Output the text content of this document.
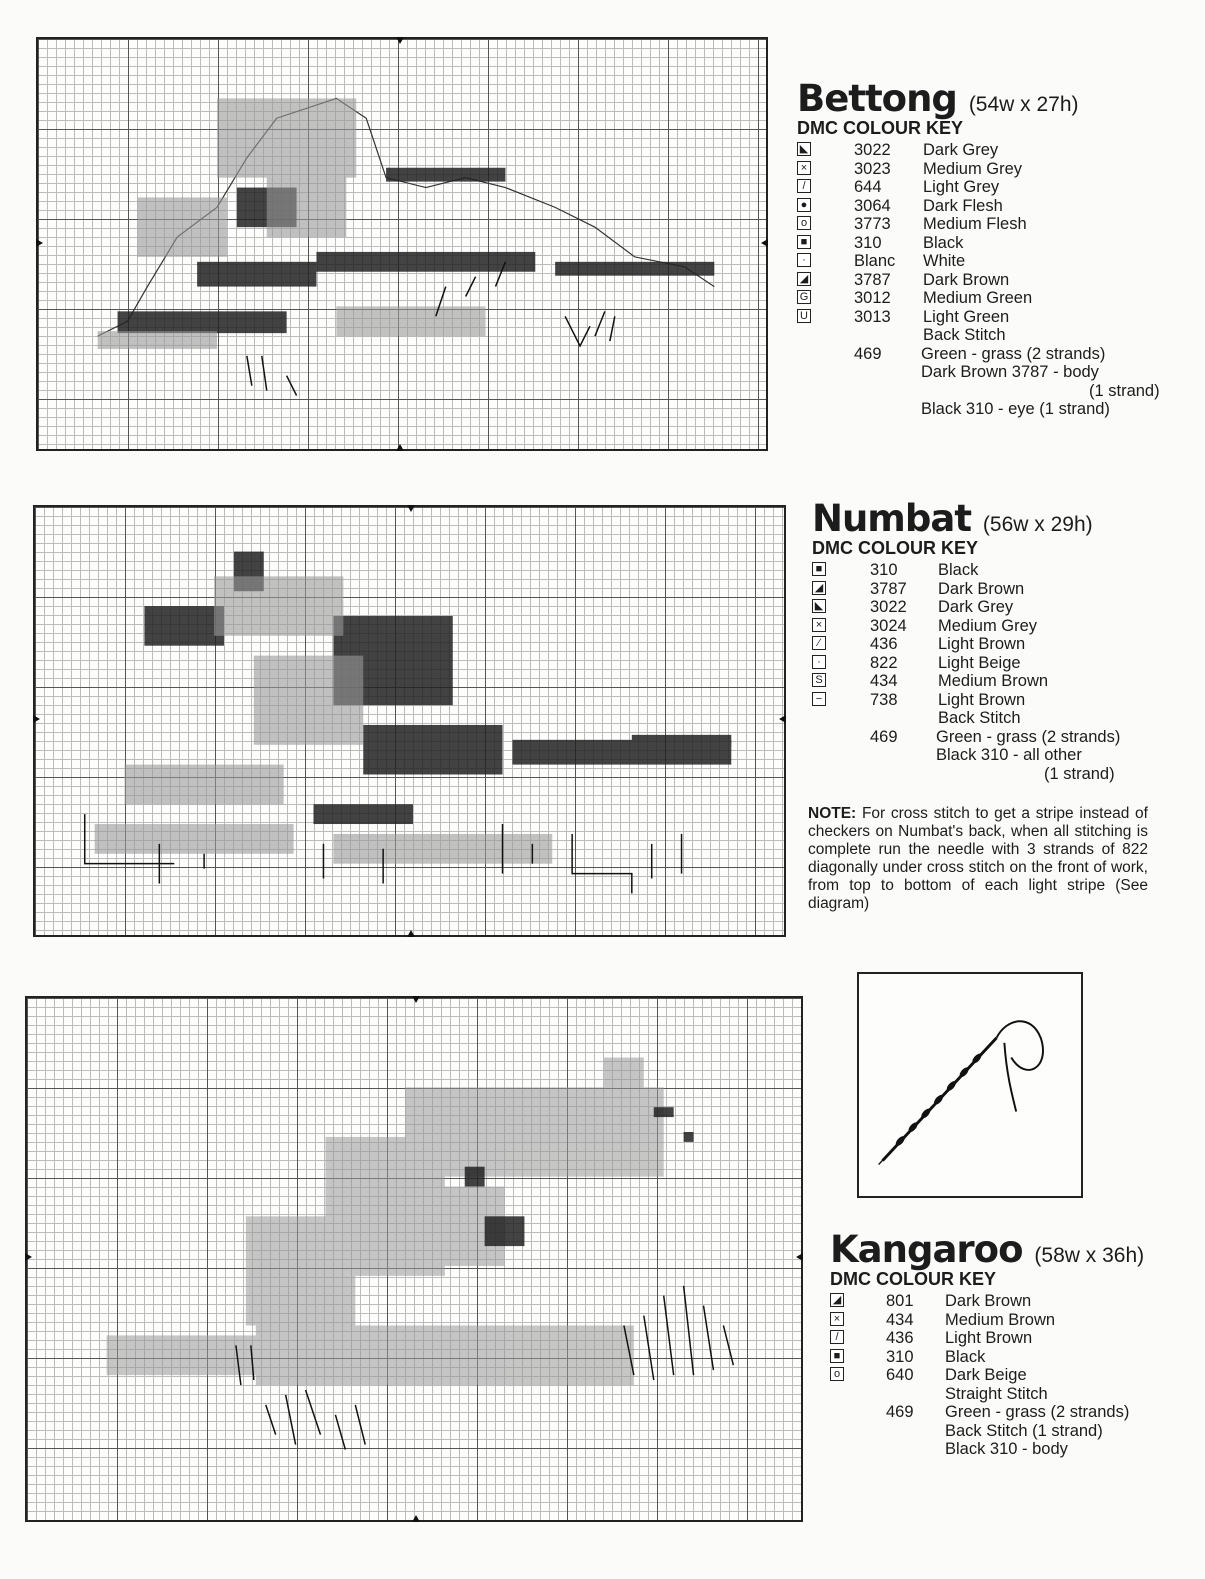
Bettong (54w x 27h)
DMC COLOUR KEY
◣	3022 Dark Grey
×	3023 Medium Grey
/	644	Light Grey
●	3064 Dark Flesh
o	3773 Medium Flesh
■	310	Black
·	Blanc White
◢	3787 Dark Brown
G	3012 Medium Green
U	3013 Light Green
Back Stitch
469 Green - grass (2 strands)
Dark Brown 3787 - body
(1 strand)
Black 310 - eye (1 strand)
Numbat (56w x 29h)
DMC COLOUR KEY
■	310 Black
◢	3787 Dark Brown
◣	3022 Dark Grey
×	3024 Medium Grey
⁄	436 Light Brown
·	822 Light Beige
S	434 Medium Brown
−	738 Light Brown
Back Stitch
469 Green - grass (2 strands)
Black 310 - all other
(1 strand)
NOTE: For cross stitch to get a stripe instead of checkers on Numbat's back, when all stitching is complete run the needle with 3 strands of 822 diagonally under cross stitch on the front of work, from top to bottom of each light stripe (See diagram)
Kangaroo (58w x 36h)
DMC COLOUR KEY
◢	801 Dark Brown
×	434 Medium Brown
/	436 Light Brown
■	310 Black
o	640 Dark Beige
Straight Stitch
469 Green - grass (2 strands)
Back Stitch (1 strand)
Black 310 - body
